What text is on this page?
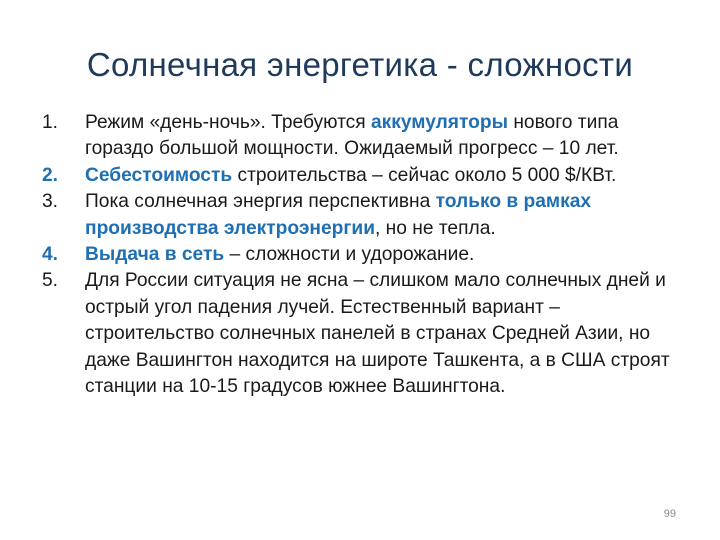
Солнечная энергетика - сложности
1.	Режим «день-ночь». Требуются аккумуляторы нового типа гораздо большой мощности. Ожидаемый прогресс – 10 лет.
2.	Себестоимость строительства – сейчас около 5 000 $/КВт.
3.	Пока солнечная энергия перспективна только в рамках производства электроэнергии, но не тепла.
4.	Выдача в сеть – сложности и удорожание.
5.	Для России ситуация не ясна – слишком мало солнечных дней и острый угол падения лучей. Естественный вариант – строительство солнечных панелей в странах Средней Азии, но даже Вашингтон находится на широте Ташкента, а в США строят станции на 10-15 градусов южнее Вашингтона.
99
